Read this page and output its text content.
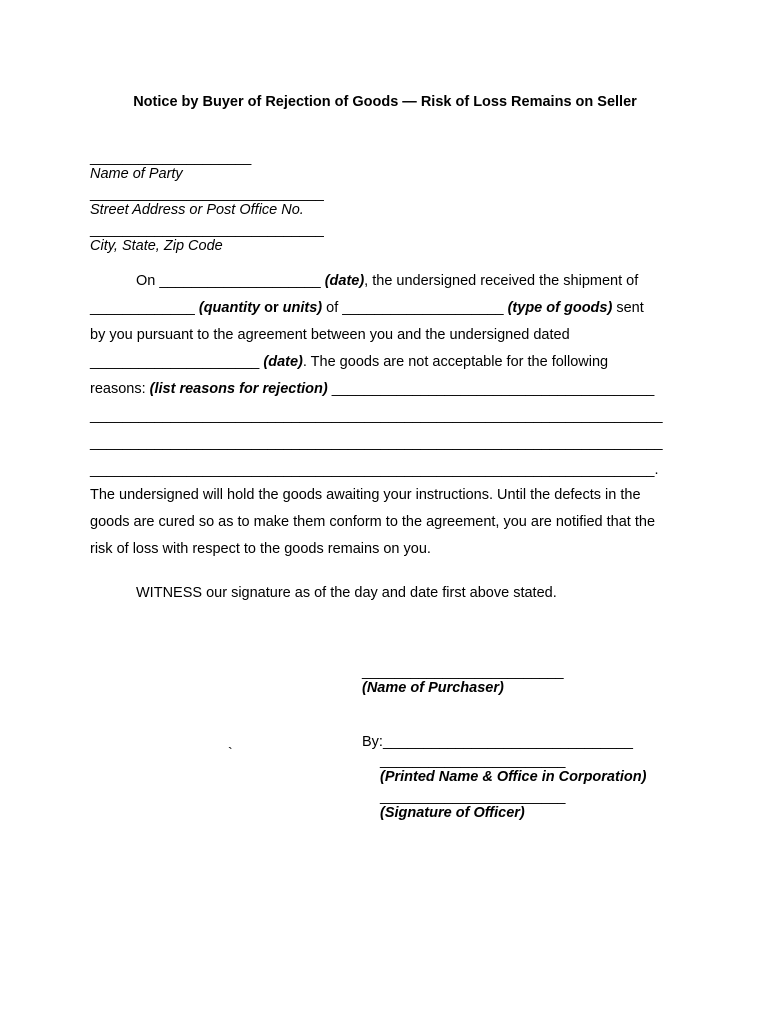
Notice by Buyer of Rejection of Goods — Risk of Loss Remains on Seller
____________________
Name of Party
_____________________________
Street Address or Post Office No.
_____________________________
City, State, Zip Code
On ____________________ (date), the undersigned received the shipment of
_____________ (quantity or units) of ____________________ (type of goods) sent
by you pursuant to the agreement between you and the undersigned dated
_____________________ (date). The goods are not acceptable for the following
reasons: (list reasons for rejection) ________________________________________
_______________________________________________________________________
_______________________________________________________________________
______________________________________________________________________.
The undersigned will hold the goods awaiting your instructions. Until the defects in the
goods are cured so as to make them conform to the agreement, you are notified that the
risk of loss with respect to the goods remains on you.
WITNESS our signature as of the day and date first above stated.
_________________________
(Name of Purchaser)
By:_______________________________
`
_______________________
(Printed Name & Office in Corporation)
_______________________
(Signature of Officer)
